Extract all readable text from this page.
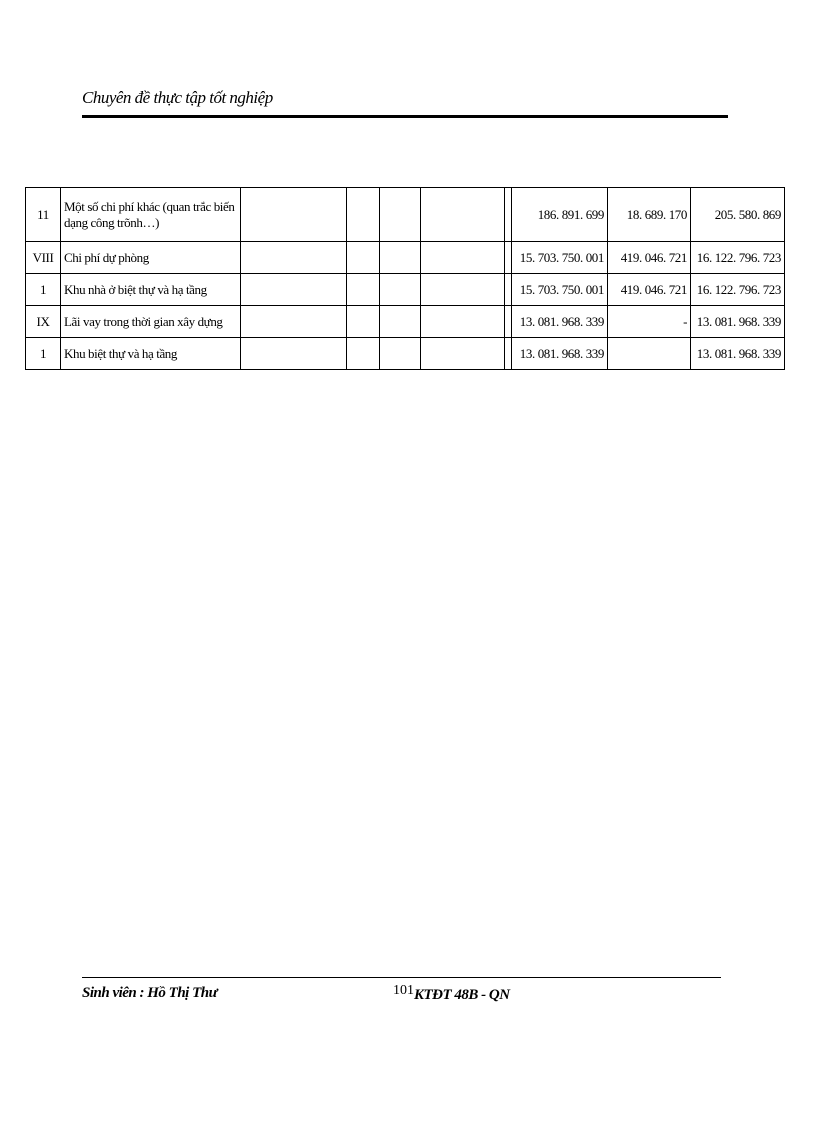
Chuyên đề thực tập tốt nghiệp
11	Một số chi phí khác (quan trắc biến dạng công trõnh…)						186. 891. 699	18. 689. 170	205. 580. 869
VIII	Chi phí dự phòng						15. 703. 750. 001	419. 046. 721	16. 122. 796. 723
1	Khu nhà ở biệt thự và hạ tầng						15. 703. 750. 001	419. 046. 721	16. 122. 796. 723
IX	Lãi vay trong thời gian xây dựng						13. 081. 968. 339	-	13. 081. 968. 339
1	Khu biệt thự và hạ tầng						13. 081. 968. 339		13. 081. 968. 339
Sinh viên : Hồ Thị Thư	101 KTĐT 48B - QN
